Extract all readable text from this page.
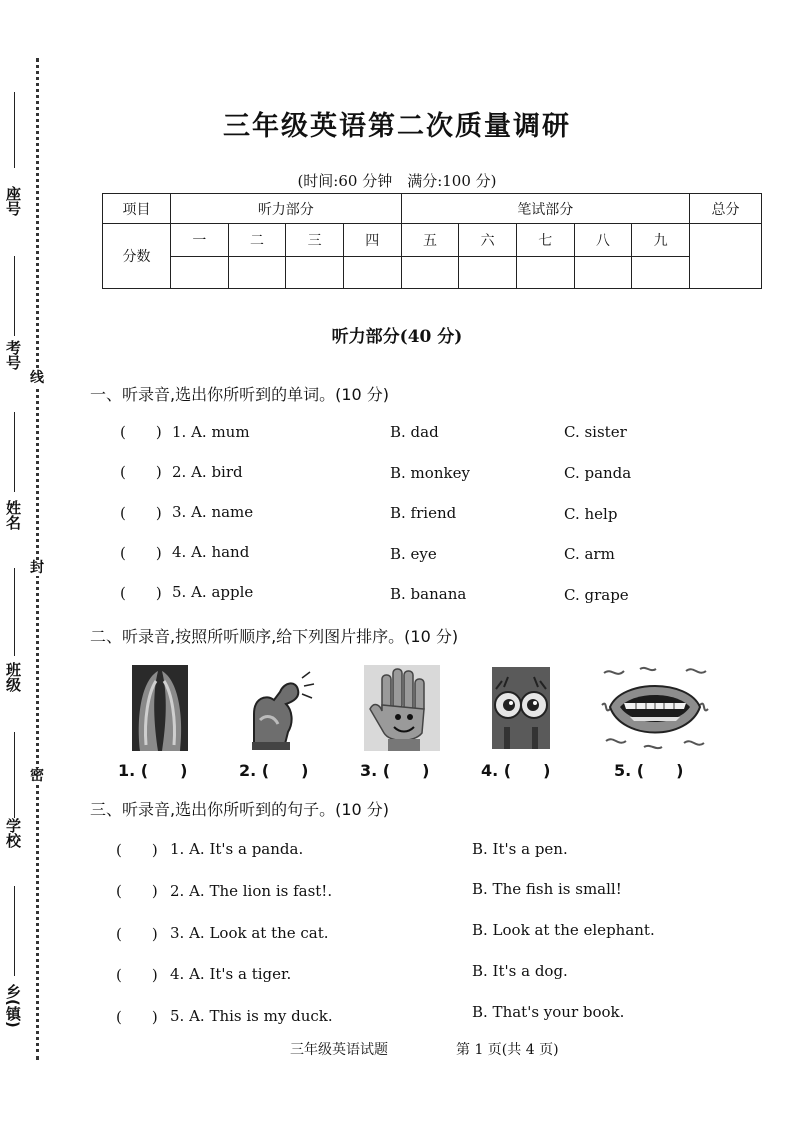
座号
考号
姓名
班级
学校
乡(镇)
线
封
密
三年级英语第二次质量调研
(时间:60 分钟　满分:100 分)
项目	听力部分				笔试部分					总分
分数	一	二	三	四	五	六	七	八	九	

听力部分(40 分)
一、听录音,选出你所听到的单词。(10 分)
(　　) 1. A. mum	B. dad	C. sister
(　　) 2. A. bird	B. monkey	C. panda
(　　) 3. A. name	B. friend	C. help
(　　) 4. A. hand	B. eye	C. arm
(　　) 5. A. apple	B. banana	C. grape
二、听录音,按照所听顺序,给下列图片排序。(10 分)
1. (　　)	2. (　　)	3. (　　)	4. (　　)	5. (　　)
三、听录音,选出你所听到的句子。(10 分)
(　　) 1. A. It's a panda.	B. It's a pen.
(　　) 2. A. The lion is fast!.	B. The fish is small!
(　　) 3. A. Look at the cat.	B. Look at the elephant.
(　　) 4. A. It's a tiger.	B. It's a dog.
(　　) 5. A. This is my duck.	B. That's your book.
三年级英语试题	第 1 页(共 4 页)
